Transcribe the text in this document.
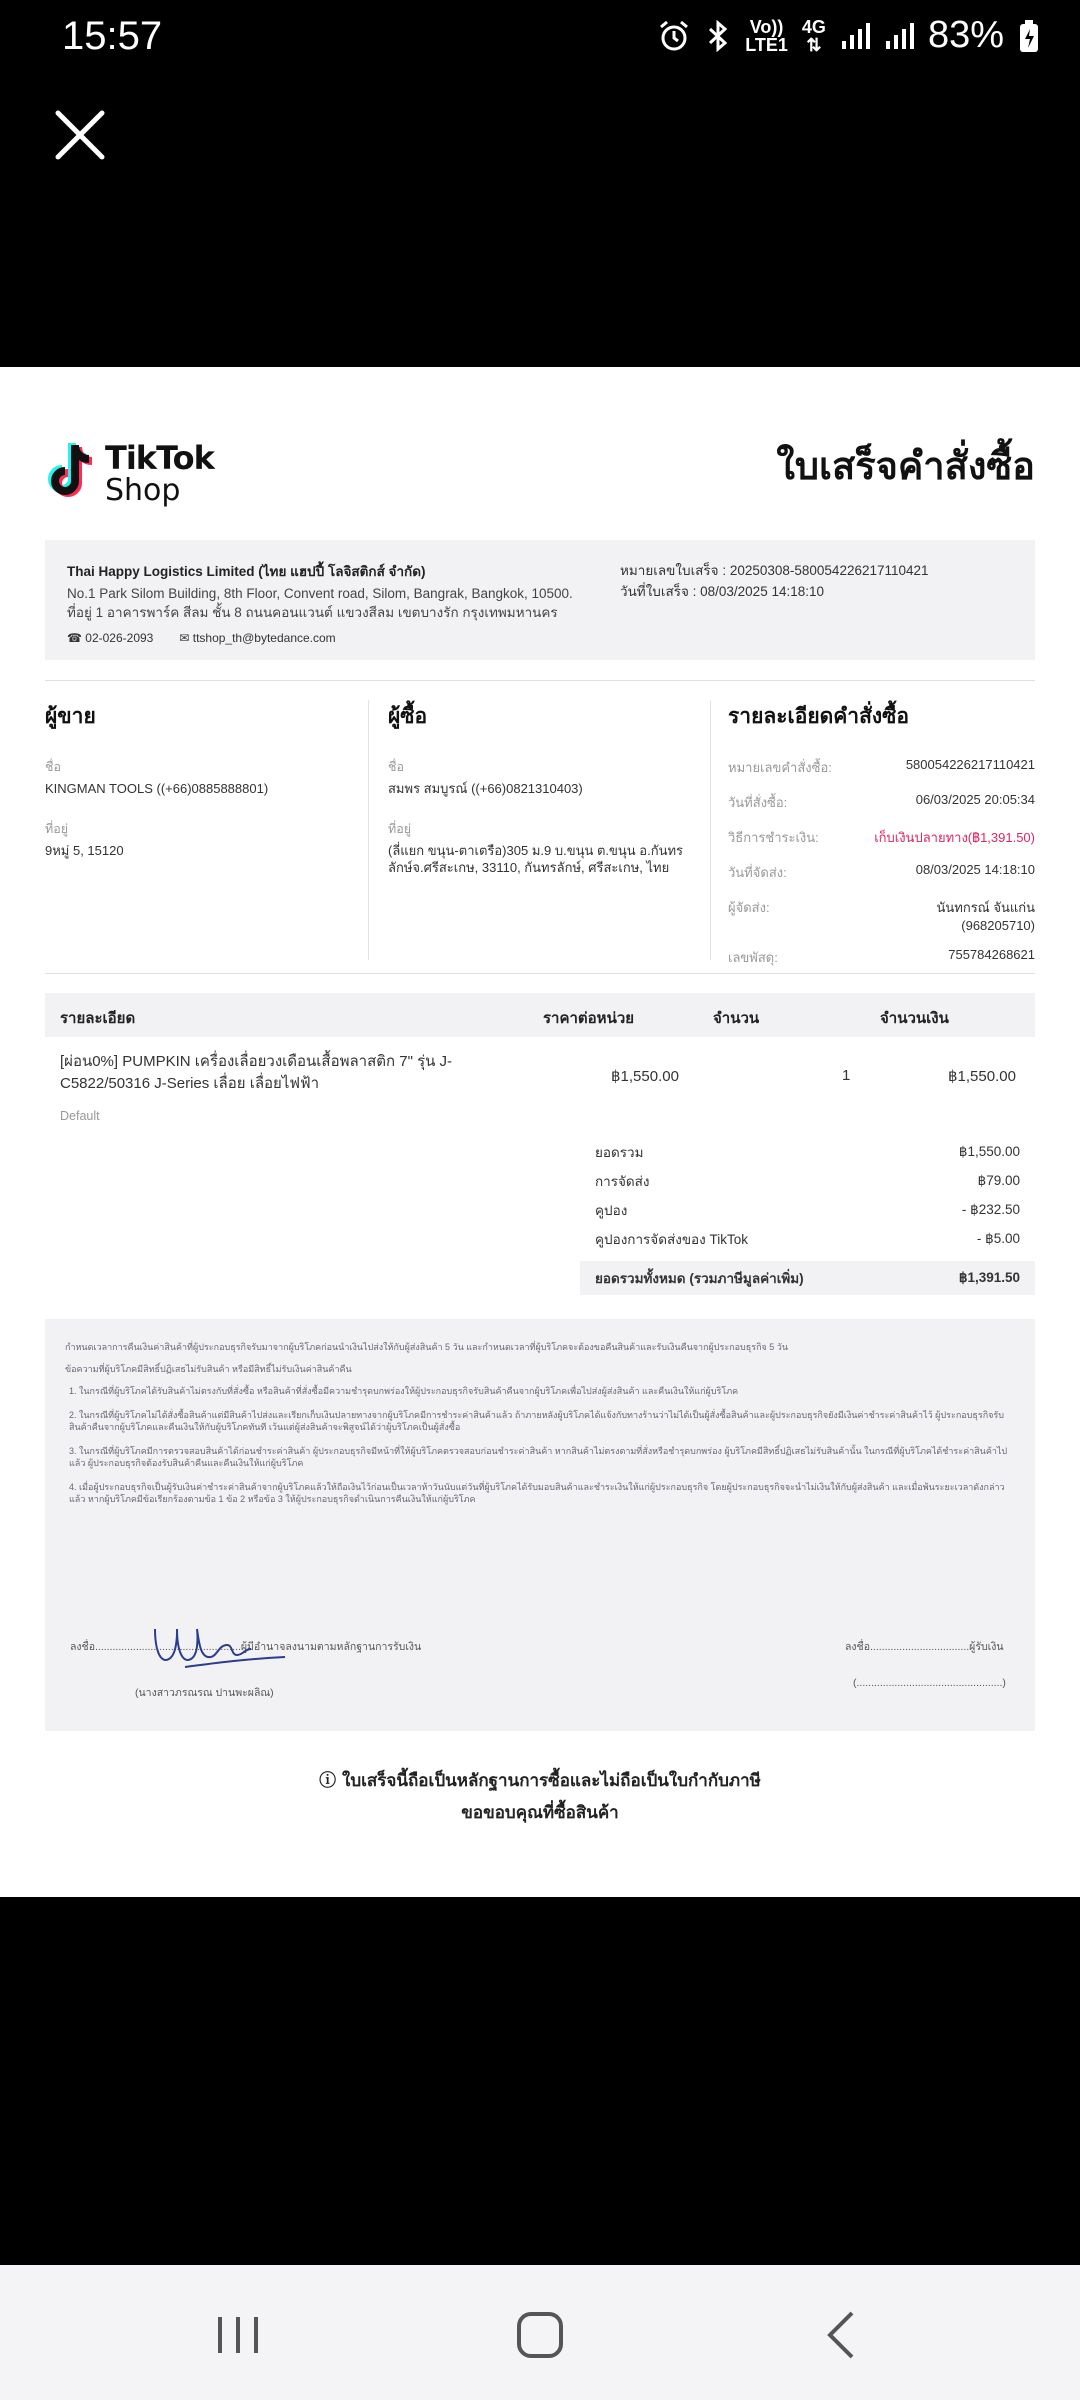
15:57	Vo))
LTE1
4G
⇅	83%
TikTok
Shop
ใบเสร็จคำสั่งซื้อ
Thai Happy Logistics Limited (ไทย แฮปปี้ โลจิสติกส์ จำกัด)
No.1 Park Silom Building, 8th Floor, Convent road, Silom, Bangrak, Bangkok, 10500.
ที่อยู่ 1 อาคารพาร์ค สีลม ชั้น 8 ถนนคอนแวนต์ แขวงสีลม เขตบางรัก กรุงเทพมหานคร
☎ 02-026-2093 ✉ ttshop_th@bytedance.com
หมายเลขใบเสร็จ : 20250308-580054226217110421
วันที่ใบเสร็จ : 08/03/2025 14:18:10
ผู้ขาย
ชื่อ
KINGMAN TOOLS ((+66)0885888801)
ที่อยู่
9หมู่ 5, 15120
ผู้ซื้อ
ชื่อ
สมพร สมบูรณ์ ((+66)0821310403)
ที่อยู่
(ลี่แยก ขนุน-ตาเตรือ)305 ม.9 บ.ขนุน ต.ขนุน อ.กันทรลักษ์จ.ศรีสะเกษ, 33110, กันทรลักษ์, ศรีสะเกษ, ไทย
รายละเอียดคำสั่งซื้อ
หมายเลขคำสั่งซื้อ:	580054226217110421
วันที่สั่งซื้อ:	06/03/2025 20:05:34
วิธีการชำระเงิน:	เก็บเงินปลายทาง(฿1,391.50)
วันที่จัดส่ง:	08/03/2025 14:18:10
ผู้จัดส่ง:	นันทกรณ์ จันแก่น (968205710)
เลขพัสดุ:	755784268621
รายละเอียด	ราคาต่อหน่วย	จำนวน	จำนวนเงิน
[ผ่อน0%] PUMPKIN เครื่องเลื่อยวงเดือนเสื้อพลาสติก 7" รุ่น J-C5822/50316 J-Series เลื่อย เลื่อยไฟฟ้า
Default
฿1,550.00	1	฿1,550.00
ยอดรวม	฿1,550.00
การจัดส่ง	฿79.00
คูปอง	- ฿232.50
คูปองการจัดส่งของ TikTok	- ฿5.00
ยอดรวมทั้งหมด (รวมภาษีมูลค่าเพิ่ม)	฿1,391.50

กำหนดเวลาการคืนเงินค่าสินค้าที่ผู้ประกอบธุรกิจรับมาจากผู้บริโภคก่อนนำเงินไปส่งให้กับผู้ส่งสินค้า 5 วัน และกำหนดเวลาที่ผู้บริโภคจะต้องขอคืนสินค้าและรับเงินคืนจากผู้ประกอบธุรกิจ 5 วัน

ข้อความที่ผู้บริโภคมีสิทธิ์ปฏิเสธไม่รับสินค้า หรือมีสิทธิ์ไม่รับเงินค่าสินค้าคืน

1. ในกรณีที่ผู้บริโภคได้รับสินค้าไม่ตรงกับที่สั่งซื้อ หรือสินค้าที่สั่งซื้อมีความชำรุดบกพร่องให้ผู้ประกอบธุรกิจรับสินค้าคืนจากผู้บริโภคเพื่อไปส่งผู้ส่งสินค้า และคืนเงินให้แก่ผู้บริโภค

2. ในกรณีที่ผู้บริโภคไม่ได้สั่งซื้อสินค้าแต่มีสินค้าไปส่งและเรียกเก็บเงินปลายทางจากผู้บริโภคมีการชำระค่าสินค้าแล้ว ถ้าภายหลังผู้บริโภคได้แจ้งกับทางร้านว่าไม่ได้เป็นผู้สั่งซื้อสินค้าและผู้ประกอบธุรกิจยังมีเงินค่าชำระค่าสินค้าไว้ ผู้ประกอบธุรกิจรับสินค้าคืนจากผู้บริโภคและคืนเงินให้กับผู้บริโภคทันที เว้นแต่ผู้ส่งสินค้าจะพิสูจน์ได้ว่าผู้บริโภคเป็นผู้สั่งซื้อ

3. ในกรณีที่ผู้บริโภคมีการตรวจสอบสินค้าได้ก่อนชำระค่าสินค้า ผู้ประกอบธุรกิจมีหน้าที่ให้ผู้บริโภคตรวจสอบก่อนชำระค่าสินค้า หากสินค้าไม่ตรงตามที่สั่งหรือชำรุดบกพร่อง ผู้บริโภคมีสิทธิ์ปฏิเสธไม่รับสินค้านั้น ในกรณีที่ผู้บริโภคได้ชำระค่าสินค้าไปแล้ว ผู้ประกอบธุรกิจต้องรับสินค้าคืนและคืนเงินให้แก่ผู้บริโภค

4. เมื่อผู้ประกอบธุรกิจเป็นผู้รับเงินค่าชำระค่าสินค้าจากผู้บริโภคแล้วให้ถือเงินไว้ก่อนเป็นเวลาห้าวันนับแต่วันที่ผู้บริโภคได้รับมอบสินค้าและชำระเงินให้แก่ผู้ประกอบธุรกิจ โดยผู้ประกอบธุรกิจจะนำไม่เงินให้กับผู้ส่งสินค้า และเมื่อพ้นระยะเวลาดังกล่าวแล้ว หากผู้บริโภคมีข้อเรียกร้องตามข้อ 1 ข้อ 2 หรือข้อ 3 ให้ผู้ประกอบธุรกิจดำเนินการคืนเงินให้แก่ผู้บริโภค

ลงชื่อ..................................................ผู้มีอำนาจลงนามตามหลักฐานการรับเงิน
(นางสาวภรณรณ ปานพะผลิณ)
ลงชื่อ..................................ผู้รับเงิน
(..................................................)
ⓘ ใบเสร็จนี้ถือเป็นหลักฐานการซื้อและไม่ถือเป็นใบกำกับภาษี
ขอขอบคุณที่ซื้อสินค้า
